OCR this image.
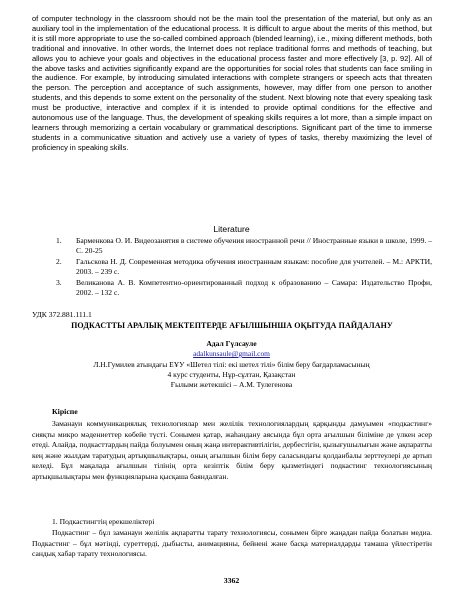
of computer technology in the classroom should not be the main tool the presentation of the material, but only as an auxiliary tool in the implementation of the educational process. It is difficult to argue about the merits of this method, but it is still more appropriate to use the so-called combined approach (blended learning), i.e., mixing different methods, both traditional and innovative. In other words, the Internet does not replace traditional forms and methods of teaching, but allows you to achieve your goals and objectives in the educational process faster and more effectively [3, p. 92]. All of the above tasks and activities significantly expand are the opportunities for social roles that students can face smiling in the audience. For example, by introducing simulated interactions with complete strangers or speech acts that threaten the person. The perception and acceptance of such assignments, however, may differ from one person to another students, and this depends to some extent on the personality of the student. Next blowing note that every speaking task must be productive, interactive and complex if it is intended to provide optimal conditions for the effective and autonomous use of the language. Thus, the development of speaking skills requires a lot more, than a simple impact on learners through memorizing a certain vocabulary or grammatical descriptions. Significant part of the time to immerse students in a communicative situation and actively use a variety of types of tasks, thereby maximizing the level of proficiency in speaking skills.

Literature

1. Барменкова О. И. Видеозанятия в системе обучения иностранной речи // Иностранные языки в школе, 1999. – С. 20-25
2. Гальскова Н. Д. Современная методика обучения иностранным языкам: пособие для учителей. – М.: АРКТИ, 2003. – 239 с.
3. Великанова А. В. Компетентно-ориентированный подход к образованию – Самара: Издательство Профи, 2002. – 132 с.

УДК 372.881.111.1

ПОДКАСТТЫ АРАЛЫҚ МЕКТЕПТЕРДЕ АҒЫЛШЫНША ОҚЫТУДА ПАЙДАЛАНУ

Адал Гүлсауле

adalkunsaule@gmail.com

Л.Н.Гумилев атындағы ЕҰУ «Шетел тілі: екі шетел тілі» білім беру бағдарламасының
4 курс студенты, Нұр-сұлтан, Қазақстан
Ғылыми жетекшісі – А.М. Тулегенова

Кіріспе

Заманауи коммуникациялық технологиялар мен желілік технологиялардың қарқынды дамуымен «подкастинг» сияқты микро мәдениеттер көбейе түсті. Сонымен қатар, жаһандану аясында бұл орта ағылшын біліміне де үлкен әсер етеді. Алайда, подкасттардың пайда болуымен оның жаңа интерактивтілігін, дербестігін, қызығушылығын және ақпаратты кең және жылдам таратудың артықшылықтары, оның ағылшын білім беру саласындағы қолданбалы зерттеулері де артып келеді. Бұл мақалада ағылшын тілінің орта кезіптік білім беру қызметіндегі подкастинг технологиясының артықшылықтары мен функцияларына қысқаша баяндалған.

1. Подкастингтің ерекшеліктері

Подкастинг – бұл заманауи желілік ақпаратты тарату технологиясы, сонымен бірге жаңадан пайда болатын медиа. Подкастинг – бұл мәтінді, суреттерді, дыбысты, анимацияны, бейнені және басқа материалдарды тамаша үйлестіретін сандық хабар тарату технологиясы.

3362
